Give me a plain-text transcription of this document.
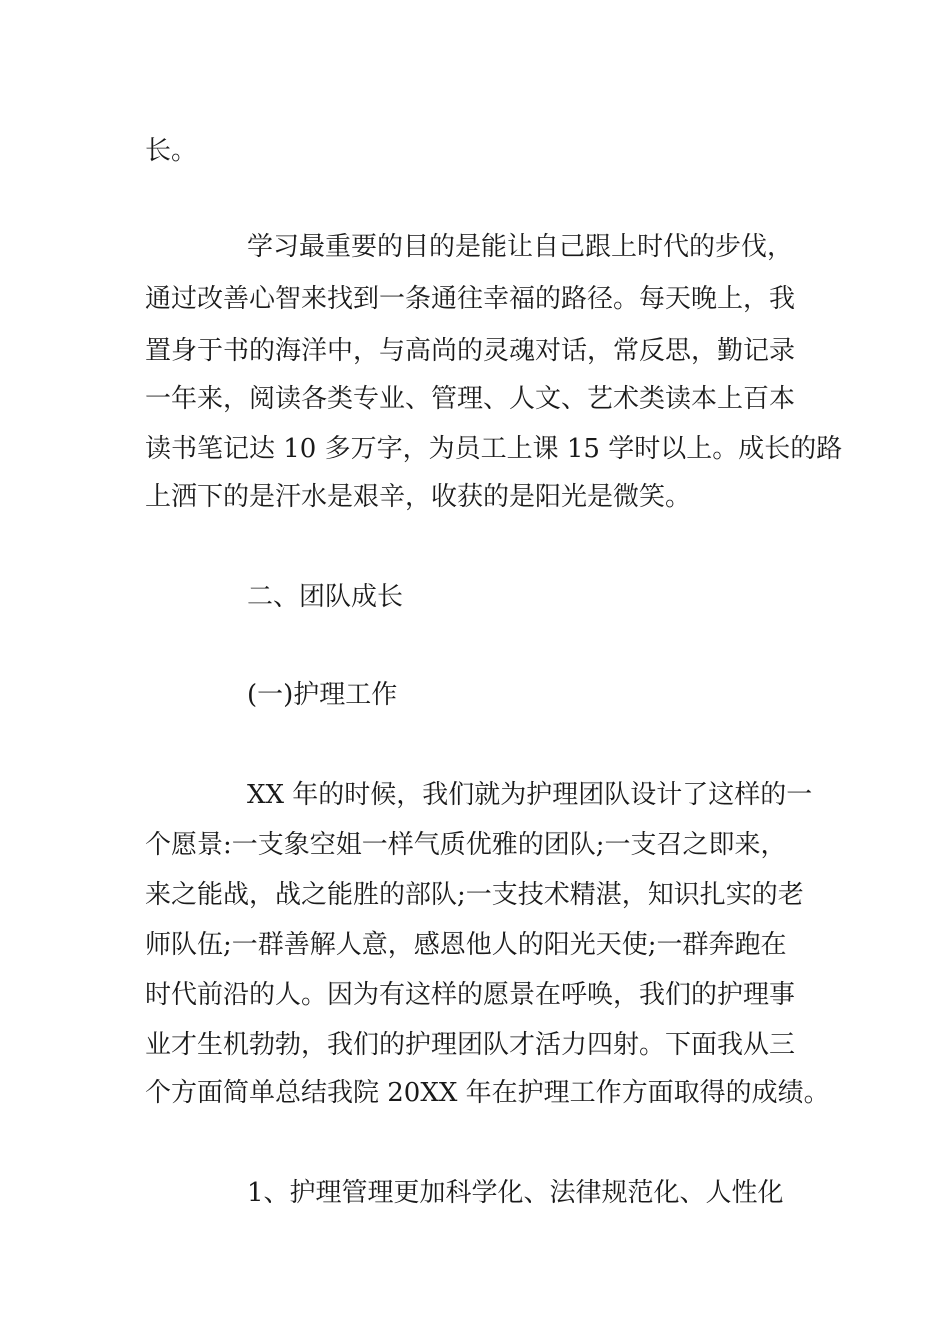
长。
学习最重要的目的是能让自己跟上时代的步伐，
通过改善心智来找到一条通往幸福的路径。每天晚上，我
置身于书的海洋中，与高尚的灵魂对话，常反思，勤记录
一年来，阅读各类专业、管理、人文、艺术类读本上百本
读书笔记达 10 多万字，为员工上课 15 学时以上。成长的路
上洒下的是汗水是艰辛，收获的是阳光是微笑。
二、团队成长
(一)护理工作
XX 年的时候，我们就为护理团队设计了这样的一
个愿景:一支象空姐一样气质优雅的团队;一支召之即来，
来之能战，战之能胜的部队;一支技术精湛，知识扎实的老
师队伍;一群善解人意，感恩他人的阳光天使;一群奔跑在
时代前沿的人。因为有这样的愿景在呼唤，我们的护理事
业才生机勃勃，我们的护理团队才活力四射。下面我从三
个方面简单总结我院 20XX 年在护理工作方面取得的成绩。
1、护理管理更加科学化、法律规范化、人性化
